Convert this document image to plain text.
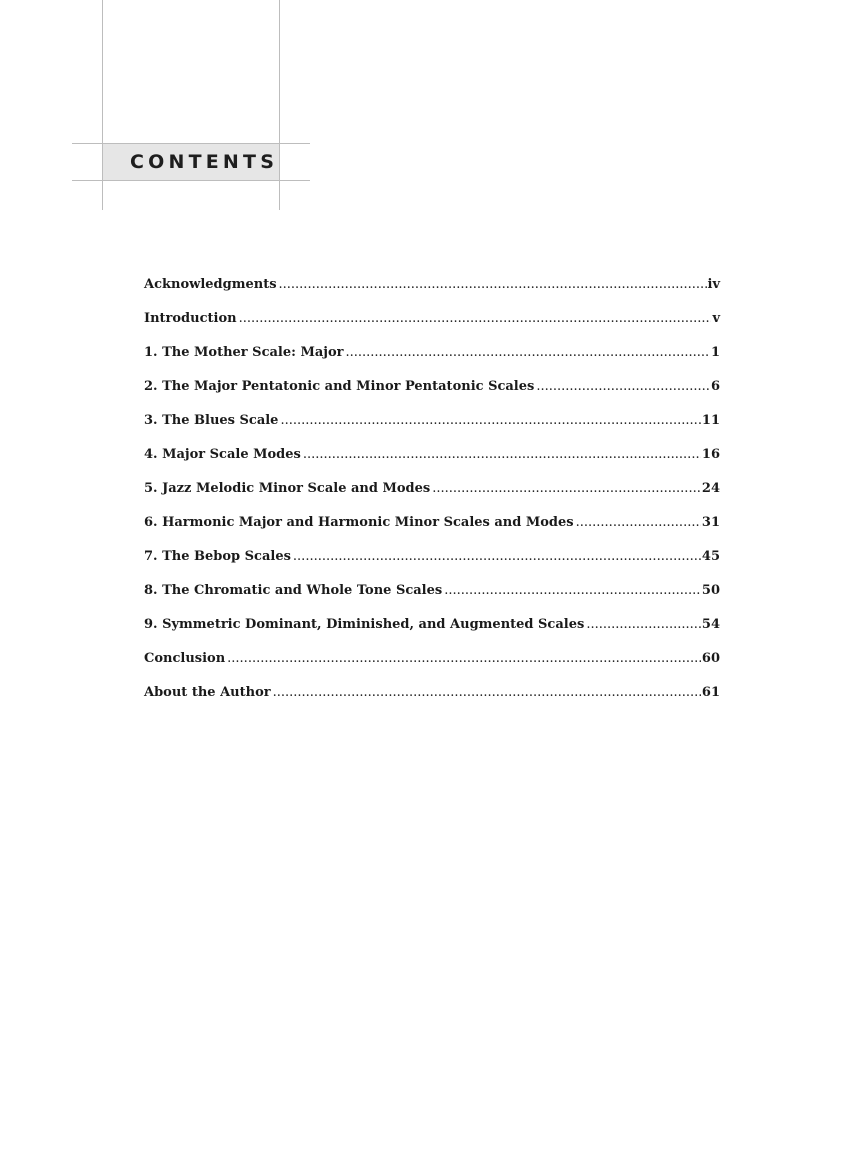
CONTENTS
Acknowledgments .....	iv
Introduction .....	v
1. The Mother Scale: Major .....	1
2. The Major Pentatonic and Minor Pentatonic Scales .....	6
3. The Blues Scale .....	11
4. Major Scale Modes .....	16
5. Jazz Melodic Minor Scale and Modes .....	24
6. Harmonic Major and Harmonic Minor Scales and Modes .....	31
7. The Bebop Scales .....	45
8. The Chromatic and Whole Tone Scales .....	50
9. Symmetric Dominant, Diminished, and Augmented Scales .....	54
Conclusion .....	60
About the Author .....	61
